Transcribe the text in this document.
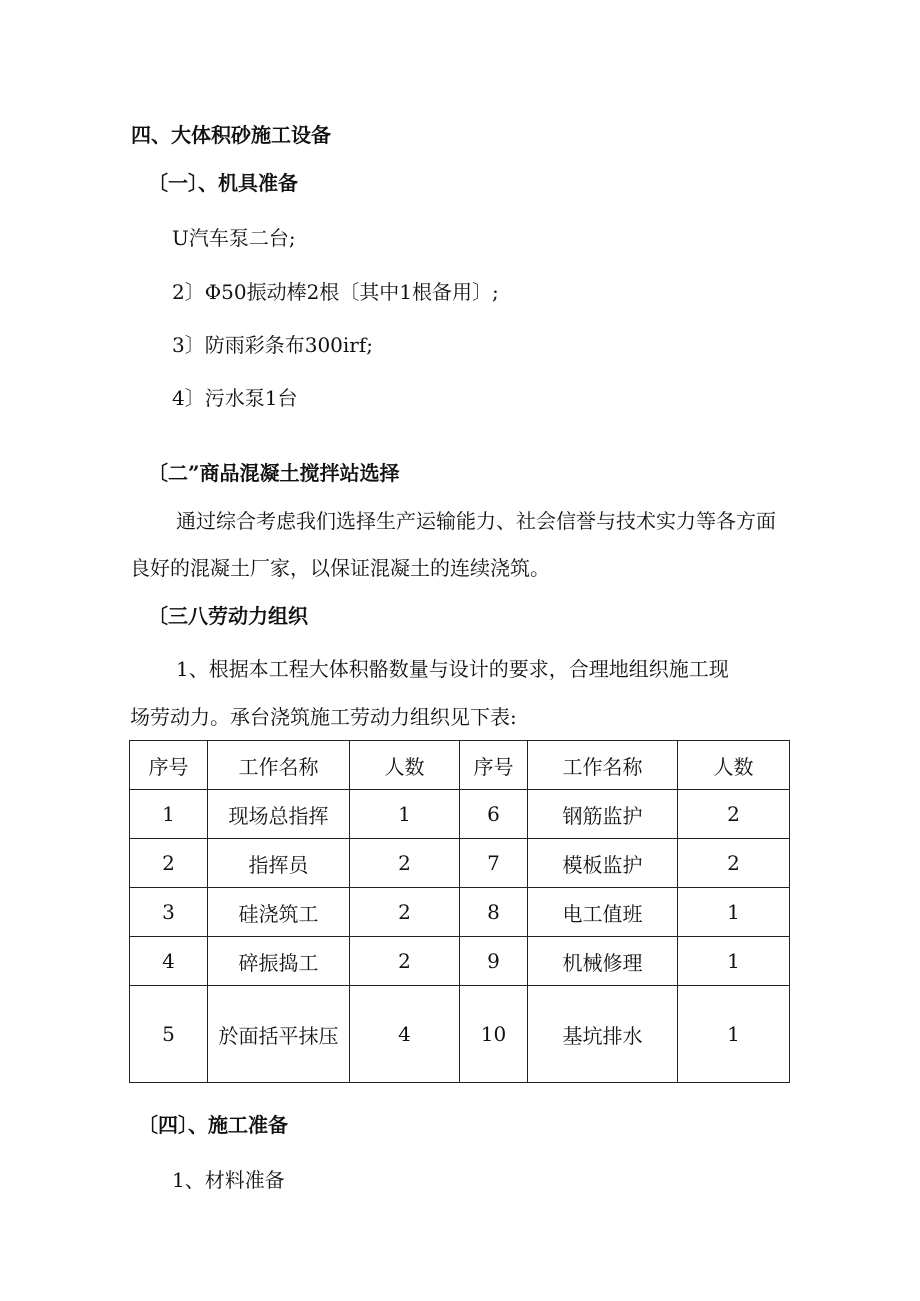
四、大体积砂施工设备
〔一〕、机具准备
U汽车泵二台;
2〕Φ50振动棒2根〔其中1根备用〕;
3〕防雨彩条布300irf;
4〕污水泵1台
〔二”商品混凝土搅拌站选择
通过综合考虑我们选择生产运输能力、社会信誉与技术实力等各方面
良好的混凝土厂家，以保证混凝土的连续浇筑。
〔三八劳动力组织
1、根据本工程大体积骼数量与设计的要求，合理地组织施工现
场劳动力。承台浇筑施工劳动力组织见下表:
序号	工作名称	人数	序号	工作名称	人数
1	现场总指挥	1	6	钢筋监护	2
2	指挥员	2	7	模板监护	2
3	硅浇筑工	2	8	电工值班	1
4	碎振捣工	2	9	机械修理	1
5	於面括平抹压	4	10	基坑排水	1
〔四〕、施工准备
1、材料准备
